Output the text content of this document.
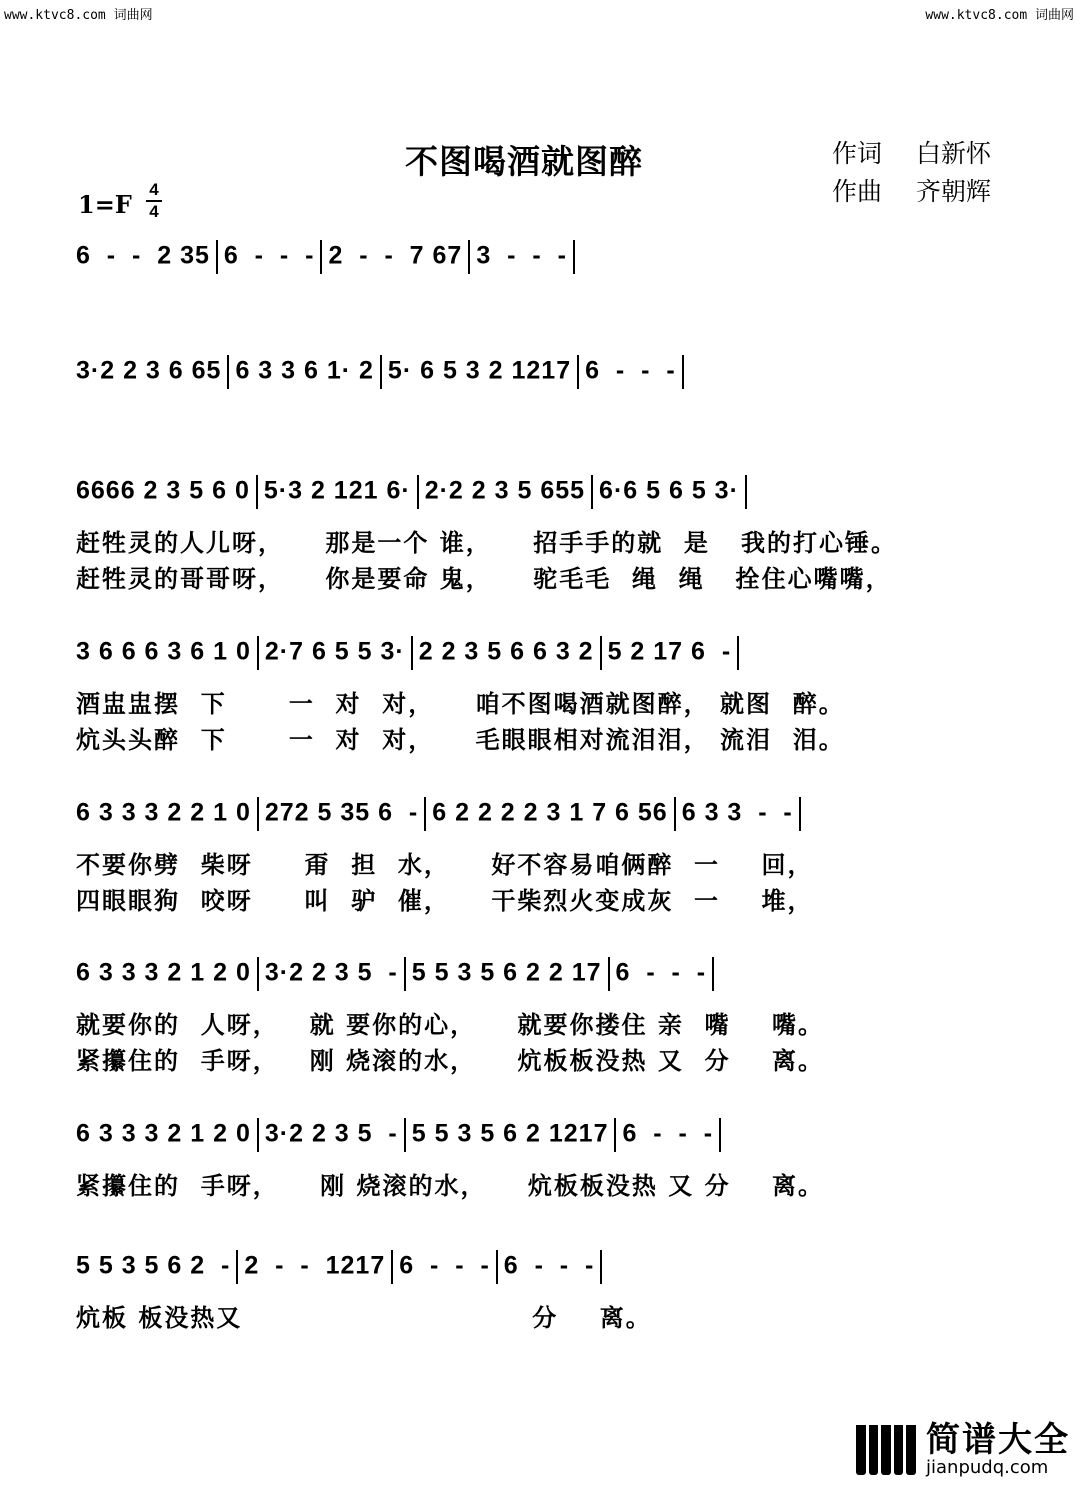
www.ktvc8.com 词曲网	www.ktvc8.com 词曲网
不图喝酒就图醉	作词 白新怀
作曲 齐朝辉
1=F
4
4
6  -  -  2 35 6  -  -  - 2  -  -  7 67 3  -  -  -
3·2 2 3 6 65 6 3 3 6 1· 2 5· 6 5 3 2 1217 6  -  -  -
6666 2 3 5 6 0 5·3 2 121 6· 2·2 2 3 5 655 6·6 5 6 5 3·
赶牲灵的人儿呀，    那是一个 谁，    招手手的就  是   我的打心锤。
赶牲灵的哥哥呀，    你是要命 鬼，    驼毛毛  绳  绳   拴住心嘴嘴，
3 6 6 6 3 6 1 0 2·7 6 5 5 3· 2 2 3 5 6 6 3 2 5 2 17 6  -
酒盅盅摆  下      一  对  对，    咱不图喝酒就图醉， 就图  醉。
炕头头醉  下      一  对  对，    毛眼眼相对流泪泪， 流泪  泪。
6 3 3 3 2 2 1 0 272 5 35 6  - 6 2 2 2 2 3 1 7 6 56 6 3 3  -  -
不要你劈  柴呀     甭  担  水，    好不容易咱俩醉  一    回，
四眼眼狗  咬呀     叫  驴  催，    干柴烈火变成灰  一    堆，
6 3 3 3 2 1 2 0 3·2 2 3 5  - 5 5 3 5 6 2 2 17 6  -  -  -
就要你的  人呀，   就 要你的心，    就要你搂住 亲  嘴    嘴。
紧攥住的  手呀，   刚 烧滚的水，    炕板板没热 又  分    离。
6 3 3 3 2 1 2 0 3·2 2 3 5  - 5 5 3 5 6 2 1217 6  -  -  -
紧攥住的  手呀，    刚 烧滚的水，    炕板板没热 又 分    离。
5 5 3 5 6 2  - 2  -  -  1217 6  -  -  - 6  -  -  -
炕板 板没热又                            分    离。
简谱大全
jianpudq.com
